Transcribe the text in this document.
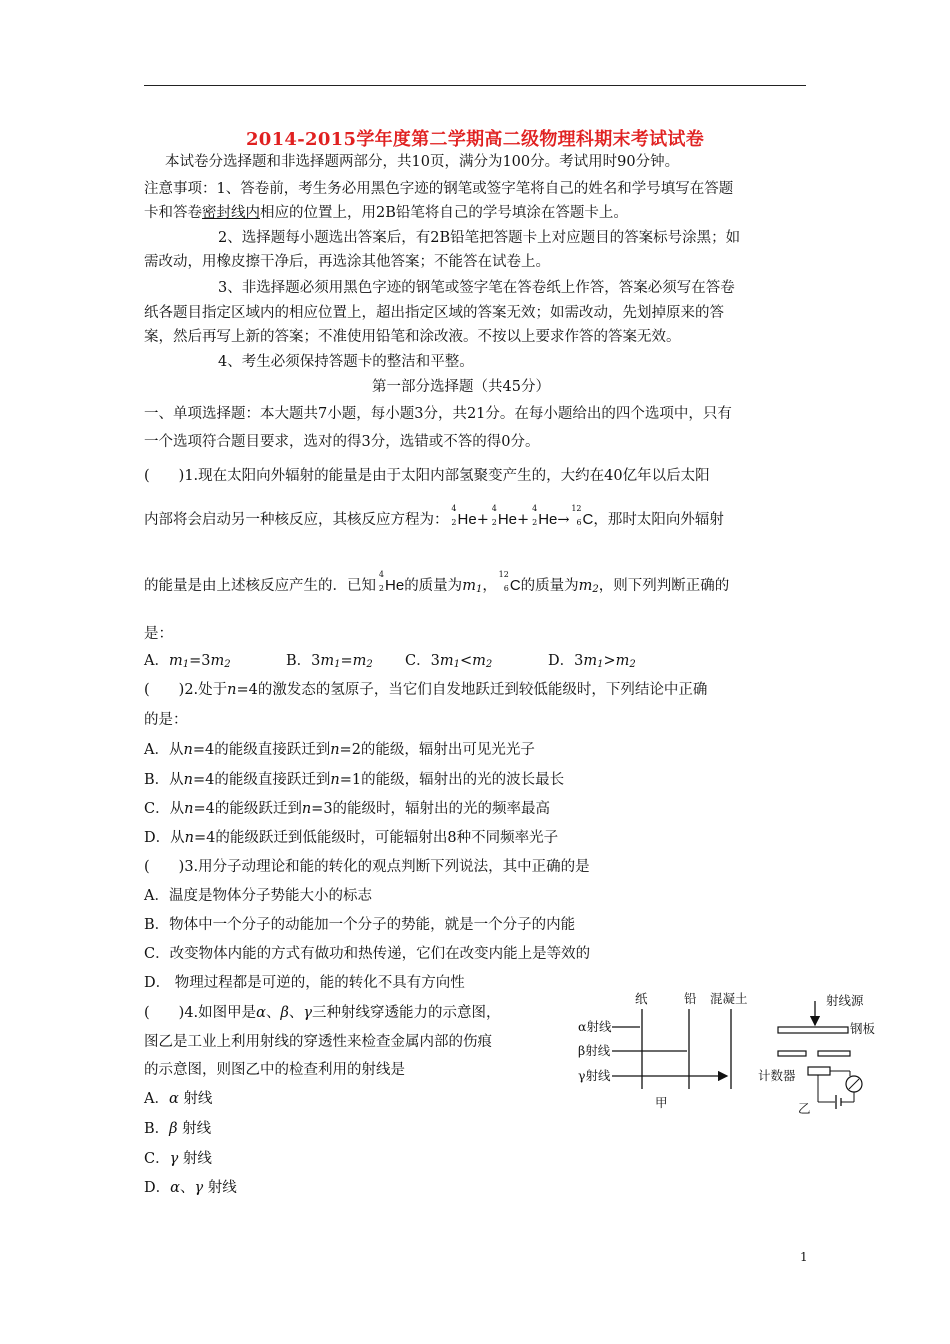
2014-2015学年度第二学期高二级物理科期末考试试卷
本试卷分选择题和非选择题两部分，共10页，满分为100分。考试用时90分钟。
注意事项：1、答卷前，考生务必用黑色字迹的钢笔或签字笔将自己的姓名和学号填写在答题
卡和答卷密封线内相应的位置上，用2B铅笔将自己的学号填涂在答题卡上。
2、选择题每小题选出答案后，有2B铅笔把答题卡上对应题目的答案标号涂黑；如
需改动，用橡皮擦干净后，再选涂其他答案；不能答在试卷上。
3、非选择题必须用黑色字迹的钢笔或签字笔在答卷纸上作答，答案必须写在答卷
纸各题目指定区域内的相应位置上，超出指定区域的答案无效；如需改动，先划掉原来的答
案，然后再写上新的答案；不准使用铅笔和涂改液。不按以上要求作答的答案无效。
4、考生必须保持答题卡的整洁和平整。
第一部分选择题（共45分）
一、单项选择题：本大题共7小题，每小题3分，共21分。在每小题给出的四个选项中，只有
一个选项符合题目要求，选对的得3分，选错或不答的得0分。
(　　)1.现在太阳向外辐射的能量是由于太阳内部氢聚变产生的，大约在40亿年以后太阳
内部将会启动另一种核反应，其核反应方程为：
4
2 He+
4
2 He+
4
2 He→
12
6 C，那时太阳向外辐射
的能量是由上述核反应产生的．已知
4
2 He的质量为$m_1$，
12
6 C的质量为$m_2$，则下列判断正确的
是：
A．$m_1=3m_2$	B．$3m_1=m_2$ C．$3m_1<m_2$	D．$3m_1>m_2$
(　　)2.处于n=4的激发态的氢原子，当它们自发地跃迁到较低能级时，下列结论中正确
的是：
A．从n=4的能级直接跃迁到n=2的能级，辐射出可见光光子
B．从n=4的能级直接跃迁到n=1的能级，辐射出的光的波长最长
C．从n=4的能级跃迁到n=3的能级时，辐射出的光的频率最高
D．从n=4的能级跃迁到低能级时，可能辐射出8种不同频率光子
(　　)3.用分子动理论和能的转化的观点判断下列说法，其中正确的是
A．温度是物体分子势能大小的标志
B．物体中一个分子的动能加一个分子的势能，就是一个分子的内能
C．改变物体内能的方式有做功和热传递，它们在改变内能上是等效的
D． 物理过程都是可逆的，能的转化不具有方向性
(　　)4.如图甲是α、β、γ三种射线穿透能力的示意图，
图乙是工业上利用射线的穿透性来检查金属内部的伤痕
的示意图，则图乙中的检查利用的射线是
A．α 射线
B．β 射线
C．γ 射线
D．α、γ 射线
纸	铅 混凝土
α射线
β射线
γ射线
甲
射线源
钢板
计数器
乙
1
